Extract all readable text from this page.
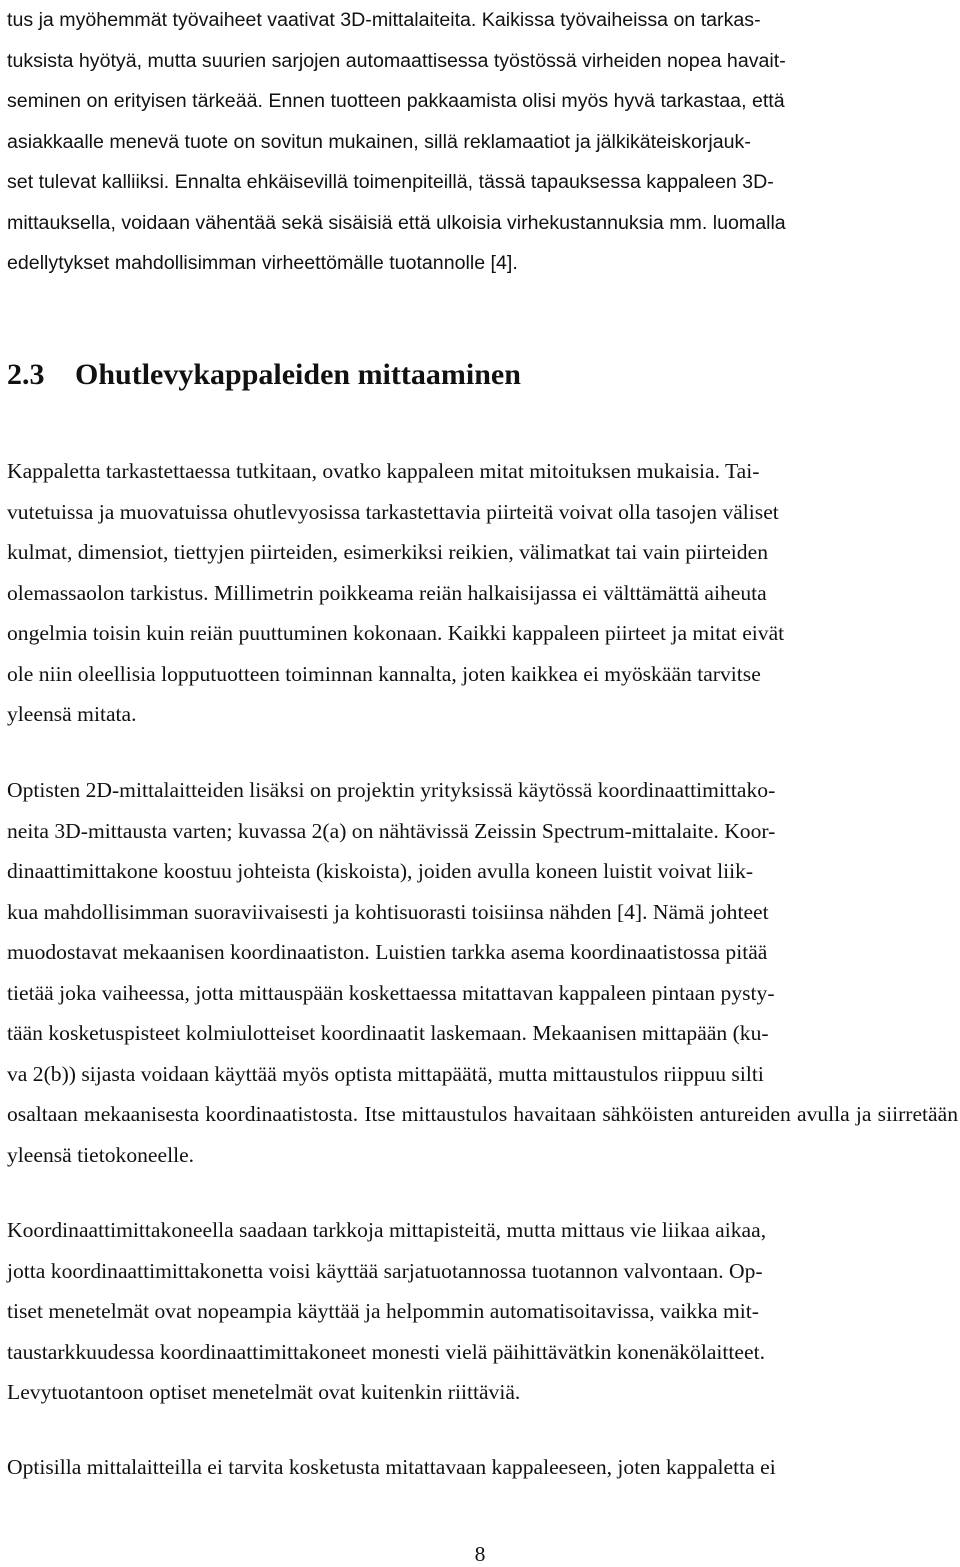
tus ja myöhemmät työvaiheet vaativat 3D-mittalaiteita. Kaikissa työvaiheissa on tarkas-
tuksista hyötyä, mutta suurien sarjojen automaattisessa työstössä virheiden nopea havait-
seminen on erityisen tärkeää. Ennen tuotteen pakkaamista olisi myös hyvä tarkastaa, että
asiakkaalle menevä tuote on sovitun mukainen, sillä reklamaatiot ja jälkikäteiskorjauk-
set tulevat kalliiksi. Ennalta ehkäisevillä toimenpiteillä, tässä tapauksessa kappaleen 3D-
mittauksella, voidaan vähentää sekä sisäisiä että ulkoisia virhekustannuksia mm. luomalla
edellytykset mahdollisimman virheettömälle tuotannolle [4].

2.3 Ohutlevykappaleiden mittaaminen

Kappaletta tarkastettaessa tutkitaan, ovatko kappaleen mitat mitoituksen mukaisia. Tai-
vutetuissa ja muovatuissa ohutlevyosissa tarkastettavia piirteitä voivat olla tasojen väliset
kulmat, dimensiot, tiettyjen piirteiden, esimerkiksi reikien, välimatkat tai vain piirteiden
olemassaolon tarkistus. Millimetrin poikkeama reiän halkaisijassa ei välttämättä aiheuta
ongelmia toisin kuin reiän puuttuminen kokonaan. Kaikki kappaleen piirteet ja mitat eivät
ole niin oleellisia lopputuotteen toiminnan kannalta, joten kaikkea ei myöskään tarvitse
yleensä mitata.

Optisten 2D-mittalaitteiden lisäksi on projektin yrityksissä käytössä koordinaattimittako-
neita 3D-mittausta varten; kuvassa 2(a) on nähtävissä Zeissin Spectrum-mittalaite. Koor-
dinaattimittakone koostuu johteista (kiskoista), joiden avulla koneen luistit voivat liik-
kua mahdollisimman suoraviivaisesti ja kohtisuorasti toisiinsa nähden [4]. Nämä johteet
muodostavat mekaanisen koordinaatiston. Luistien tarkka asema koordinaatistossa pitää
tietää joka vaiheessa, jotta mittauspään koskettaessa mitattavan kappaleen pintaan pysty-
tään kosketuspisteet kolmiulotteiset koordinaatit laskemaan. Mekaanisen mittapään (ku-
va 2(b)) sijasta voidaan käyttää myös optista mittapäätä, mutta mittaustulos riippuu silti
osaltaan mekaanisesta koordinaatistosta. Itse mittaustulos havaitaan sähköisten antureiden avulla ja siirretään yleensä tietokoneelle.

Koordinaattimittakoneella saadaan tarkkoja mittapisteitä, mutta mittaus vie liikaa aikaa,
jotta koordinaattimittakonetta voisi käyttää sarjatuotannossa tuotannon valvontaan. Op-
tiset menetelmät ovat nopeampia käyttää ja helpommin automatisoitavissa, vaikka mit-
taustarkkuudessa koordinaattimittakoneet monesti vielä päihittävätkin konenäkölaitteet.
Levytuotantoon optiset menetelmät ovat kuitenkin riittäviä.

Optisilla mittalaitteilla ei tarvita kosketusta mitattavaan kappaleeseen, joten kappaletta ei

8
